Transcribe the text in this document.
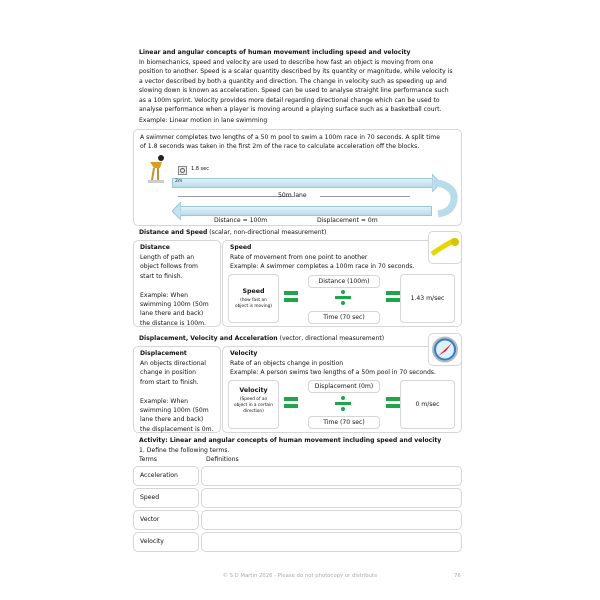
Linear and angular concepts of human movement including speed and velocity
In biomechanics, speed and velocity are used to describe how fast an object is moving from one
position to another. Speed is a scalar quantity described by its quantity or magnitude, while velocity is
a vector described by both a quantity and direction. The change in velocity such as speeding up and
slowing down is known as acceleration. Speed can be used to analyse straight line performance such
as a 100m sprint. Velocity provides more detail regarding directional change which can be used to
analyse performance when a player is moving around a playing surface such as a basketball court.
Example: Linear motion in lane swimming
A swimmer completes two lengths of a 50 m pool to swim a 100m race in 70 seconds. A split time
of 1.8 seconds was taken in the first 2m of the race to calculate acceleration off the blocks.
1.8 sec
2m
50m lane
Distance = 100m	Displacement = 0m
Distance and Speed (scalar, non-directional measurement)
Distance
Length of path an
object follows from
start to finish.

Example: When
swimming 100m (50m
lane there and back)
the distance is 100m.
Speed
Rate of movement from one point to another
Example: A swimmer completes a 100m race in 70 seconds.
Speed
(how fast an
object is moving)
Distance (100m)
Time (70 sec)
1.43 m/sec
Displacement, Velocity and Acceleration (vector, directional measurement)
Displacement
An objects directional
change in position
from start to finish.

Example: When
swimming 100m (50m
lane there and back)
the displacement is 0m.
Velocity
Rate of an objects change in position
Example: A person swims two lengths of a 50m pool in 70 seconds.
Velocity
(Speed of an
object in a certain
direction)
Displacement (0m)
Time (70 sec)
0 m/sec
Activity: Linear and angular concepts of human movement including speed and velocity
1. Define the following terms.
Terms	Definitions
Acceleration
Speed
Vector
Velocity
© S D Martin 2026 - Please do not photocopy or distribute	76
